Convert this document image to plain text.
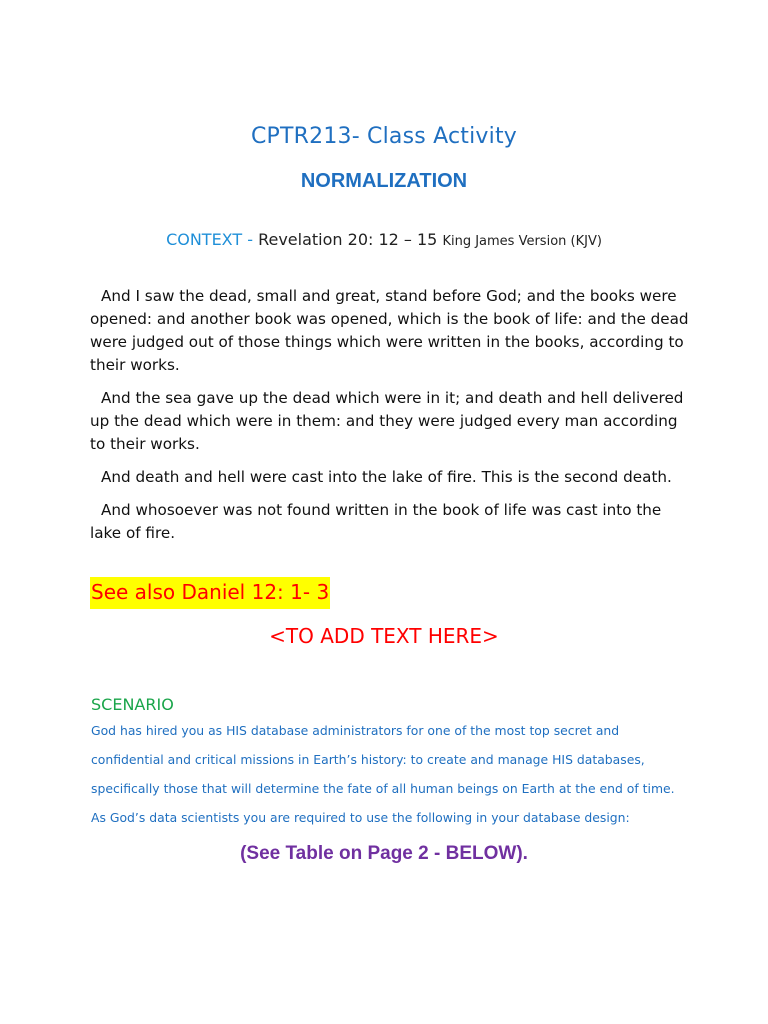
CPTR213- Class Activity
NORMALIZATION
CONTEXT - Revelation 20: 12 – 15 King James Version (KJV)

And I saw the dead, small and great, stand before God; and the books were opened: and another book was opened, which is the book of life: and the dead were judged out of those things which were written in the books, according to their works.

And the sea gave up the dead which were in it; and death and hell delivered up the dead which were in them: and they were judged every man according to their works.

And death and hell were cast into the lake of fire. This is the second death.

And whosoever was not found written in the book of life was cast into the lake of fire.

See also Daniel 12: 1- 3
<TO ADD TEXT HERE>
SCENARIO
God has hired you as HIS database administrators for one of the most top secret and
confidential and critical missions in Earth’s history: to create and manage HIS databases,
specifically those that will determine the fate of all human beings on Earth at the end of time.
As God’s data scientists you are required to use the following in your database design:
(See Table on Page 2 - BELOW).
